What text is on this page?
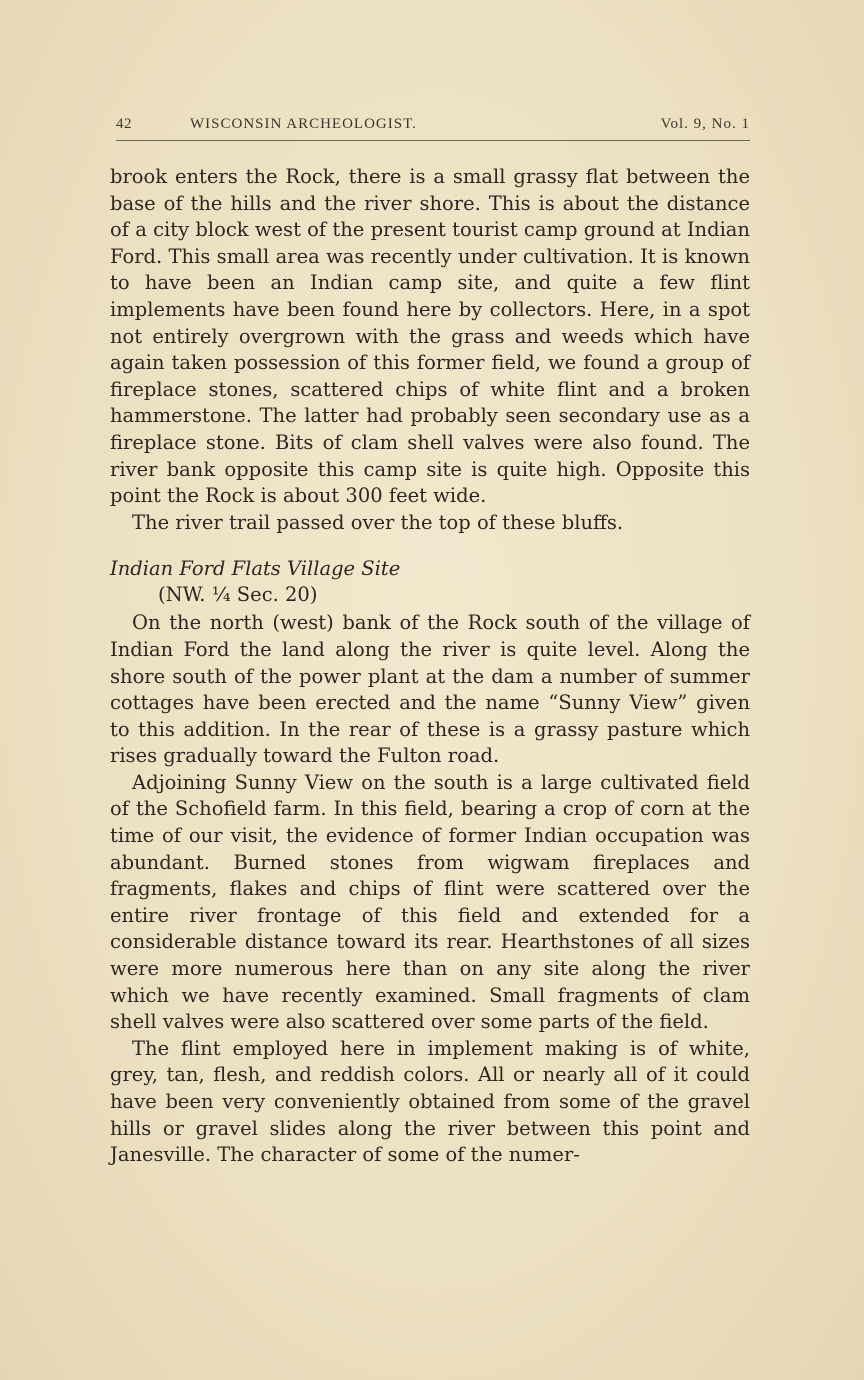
42	WISCONSIN ARCHEOLOGIST.	Vol. 9, No. 1

brook enters the Rock, there is a small grassy flat between the base of the hills and the river shore. This is about the distance of a city block west of the present tourist camp ground at Indian Ford. This small area was recently under cultivation. It is known to have been an Indian camp site, and quite a few flint implements have been found here by collectors. Here, in a spot not entirely overgrown with the grass and weeds which have again taken possession of this former field, we found a group of fireplace stones, scattered chips of white flint and a broken hammerstone. The latter had probably seen secondary use as a fireplace stone. Bits of clam shell valves were also found. The river bank opposite this camp site is quite high. Opposite this point the Rock is about 300 feet wide.

The river trail passed over the top of these bluffs.

Indian Ford Flats Village Site
(NW. ¼ Sec. 20)

On the north (west) bank of the Rock south of the village of Indian Ford the land along the river is quite level. Along the shore south of the power plant at the dam a number of summer cottages have been erected and the name “Sunny View” given to this addition. In the rear of these is a grassy pasture which rises gradually toward the Fulton road.

Adjoining Sunny View on the south is a large cultivated field of the Schofield farm. In this field, bearing a crop of corn at the time of our visit, the evidence of former Indian occupation was abundant. Burned stones from wigwam fireplaces and fragments, flakes and chips of flint were scattered over the entire river frontage of this field and extended for a considerable distance toward its rear. Hearthstones of all sizes were more numerous here than on any site along the river which we have recently examined. Small fragments of clam shell valves were also scattered over some parts of the field.

The flint employed here in implement making is of white, grey, tan, flesh, and reddish colors. All or nearly all of it could have been very conveniently obtained from some of the gravel hills or gravel slides along the river between this point and Janesville. The character of some of the numer-
